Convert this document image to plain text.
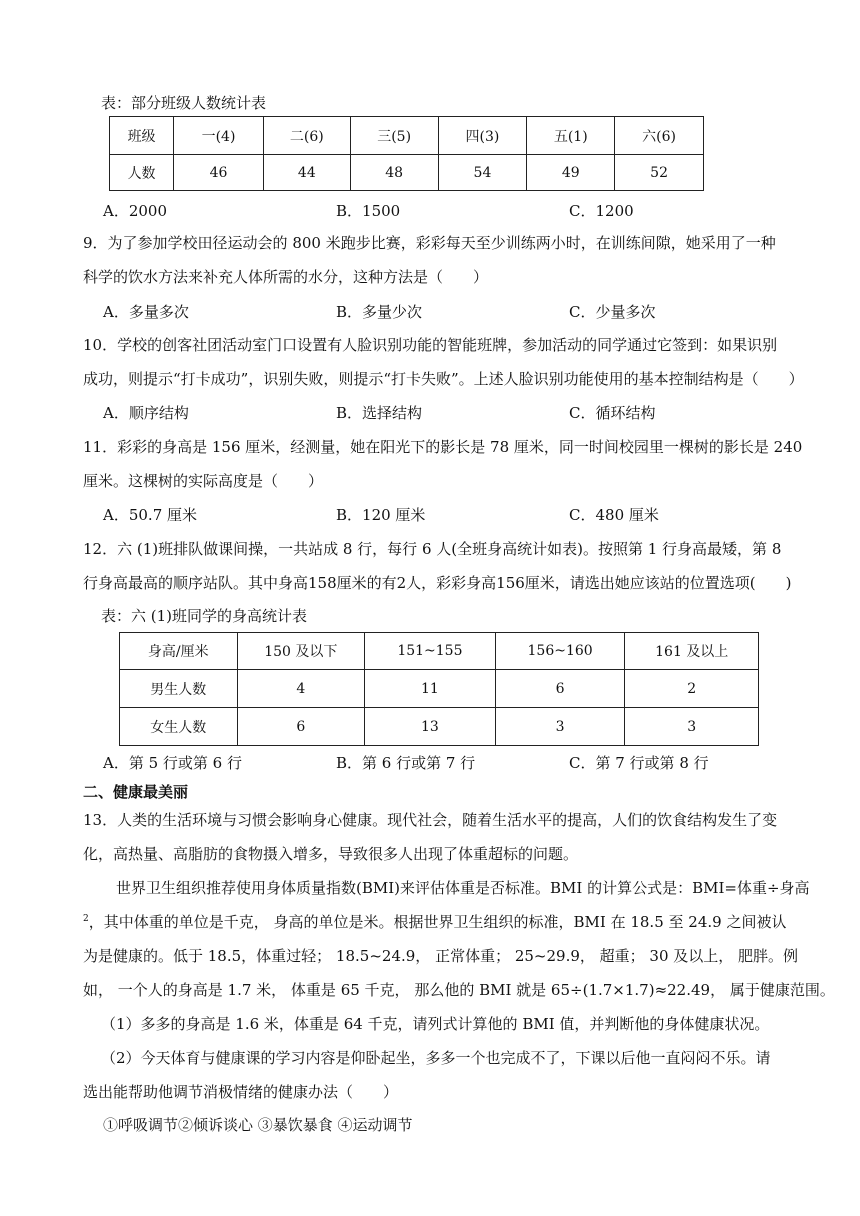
表：部分班级人数统计表
班级	一(4)	二(6)	三(5)	四(3)	五(1)	六(6)
人数	46	44	48	54	49	52
A．2000	B．1500	C．1200
9．为了参加学校田径运动会的 800 米跑步比赛，彩彩每天至少训练两小时，在训练间隙，她采用了一种
科学的饮水方法来补充人体所需的水分，这种方法是（　　）
A．多量多次	B．多量少次	C．少量多次
10．学校的创客社团活动室门口设置有人脸识别功能的智能班牌，参加活动的同学通过它签到：如果识别
成功，则提示“打卡成功”，识别失败，则提示“打卡失败”。上述人脸识别功能使用的基本控制结构是（　　）
A．顺序结构	B．选择结构	C．循环结构
11．彩彩的身高是 156 厘米，经测量，她在阳光下的影长是 78 厘米，同一时间校园里一棵树的影长是 240
厘米。这棵树的实际高度是（　　）
A．50.7 厘米	B．120 厘米	C．480 厘米
12．六 (1)班排队做课间操，一共站成 8 行，每行 6 人(全班身高统计如表)。按照第 1 行身高最矮，第 8
行身高最高的顺序站队。其中身高158厘米的有2人，彩彩身高156厘米，请选出她应该站的位置选项(　　)
表：六 (1)班同学的身高统计表
身高/厘米	150 及以下	151~155	156~160	161 及以上
男生人数	4	11	6	2
女生人数	6	13	3	3
A．第 5 行或第 6 行	B．第 6 行或第 7 行	C．第 7 行或第 8 行
二、健康最美丽
13．人类的生活环境与习惯会影响身心健康。现代社会，随着生活水平的提高，人们的饮食结构发生了变
化，高热量、高脂肪的食物摄入增多，导致很多人出现了体重超标的问题。
世界卫生组织推荐使用身体质量指数(BMI)来评估体重是否标准。BMI 的计算公式是：BMI=体重÷身高
$^2$，其中体重的单位是千克， 身高的单位是米。根据世界卫生组织的标准，BMI 在 18.5 至 24.9 之间被认
为是健康的。低于 18.5，体重过轻； 18.5~24.9， 正常体重； 25~29.9， 超重； 30 及以上， 肥胖。例
如， 一个人的身高是 1.7 米， 体重是 65 千克， 那么他的 BMI 就是 65÷(1.7×1.7)≈22.49， 属于健康范围。
（1）多多的身高是 1.6 米，体重是 64 千克，请列式计算他的 BMI 值，并判断他的身体健康状况。
（2）今天体育与健康课的学习内容是仰卧起坐，多多一个也完成不了，下课以后他一直闷闷不乐。请
选出能帮助他调节消极情绪的健康办法（　　）
①呼吸调节②倾诉谈心 ③暴饮暴食 ④运动调节
